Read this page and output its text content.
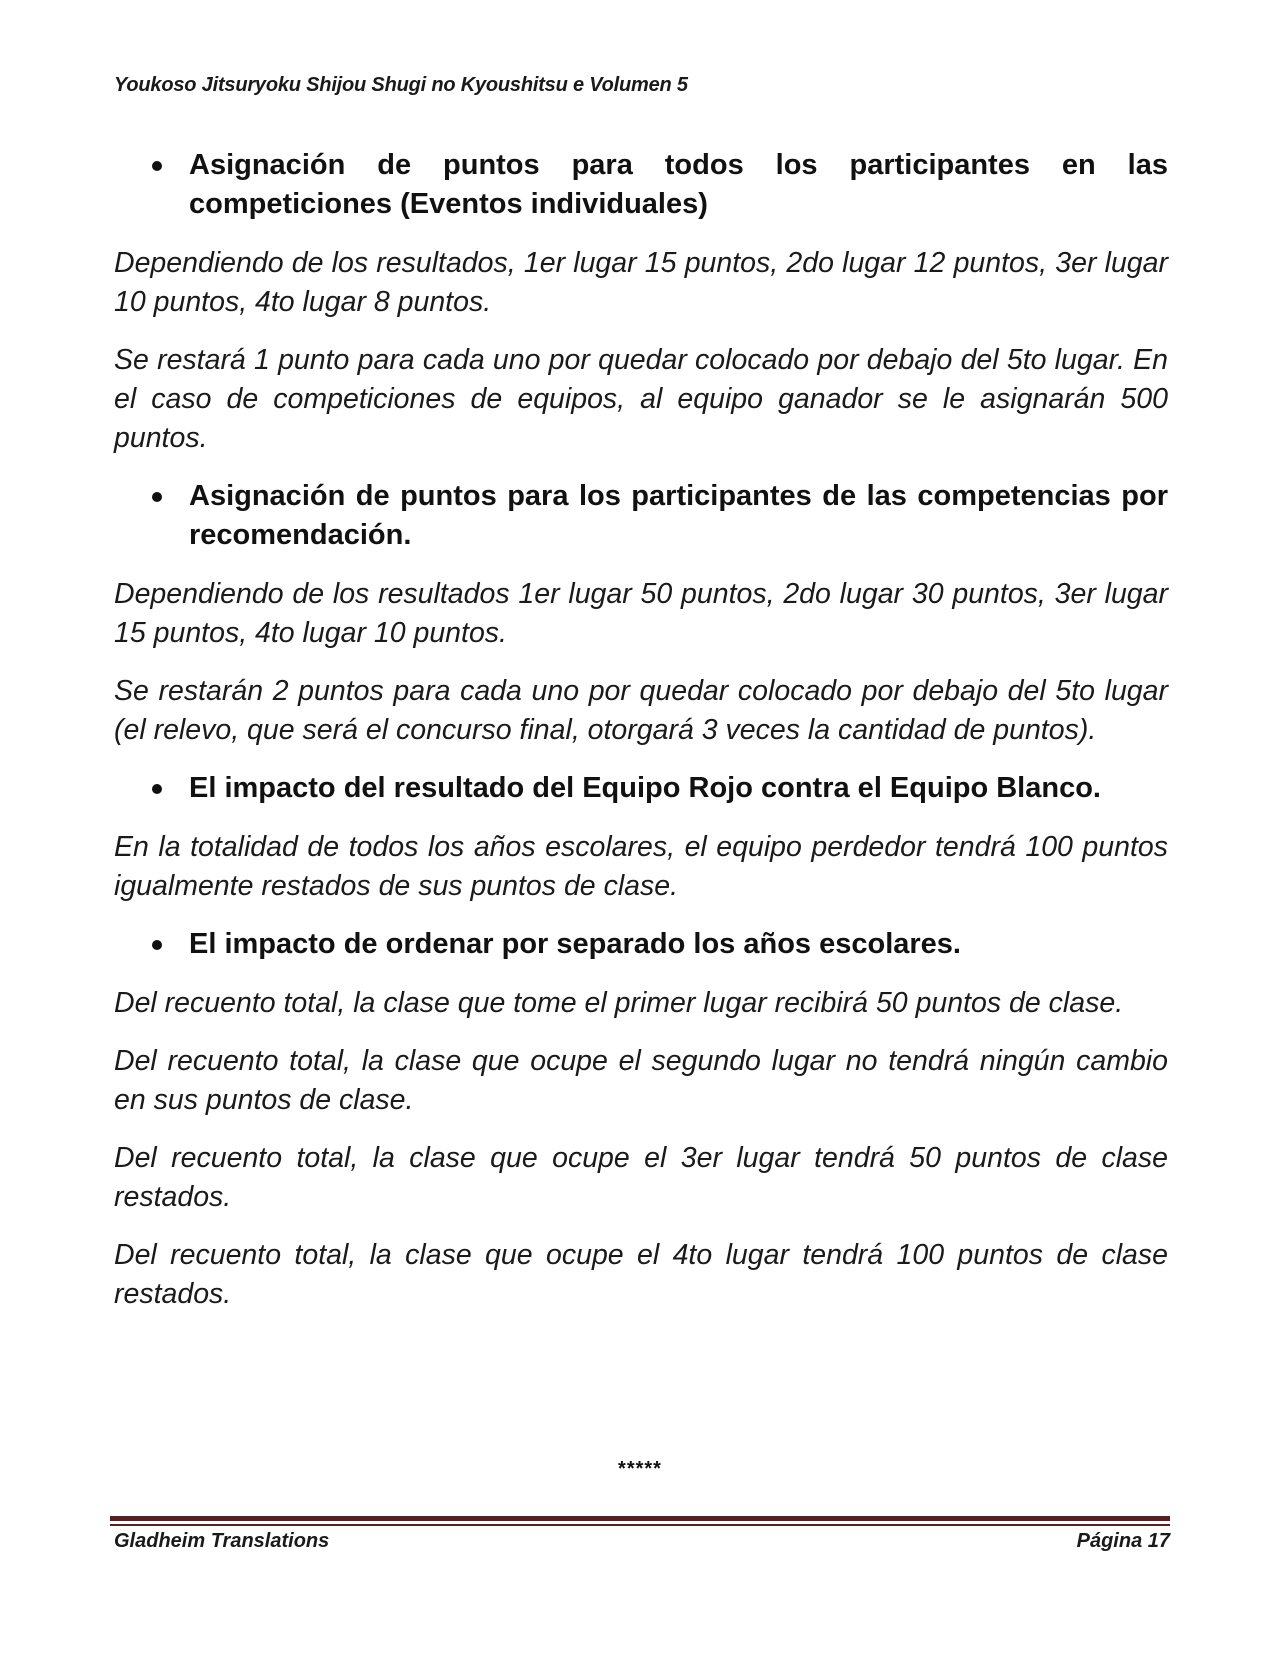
Youkoso Jitsuryoku Shijou Shugi no Kyoushitsu e Volumen 5
Asignación de puntos para todos los participantes en las competiciones (Eventos individuales)

Dependiendo de los resultados, 1er lugar 15 puntos, 2do lugar 12 puntos, 3er lugar 10 puntos, 4to lugar 8 puntos.

Se restará 1 punto para cada uno por quedar colocado por debajo del 5to lugar. En el caso de competiciones de equipos, al equipo ganador se le asignarán 500 puntos.

Asignación de puntos para los participantes de las competencias por recomendación.

Dependiendo de los resultados 1er lugar 50 puntos, 2do lugar 30 puntos, 3er lugar 15 puntos, 4to lugar 10 puntos.

Se restarán 2 puntos para cada uno por quedar colocado por debajo del 5to lugar (el relevo, que será el concurso final, otorgará 3 veces la cantidad de puntos).

El impacto del resultado del Equipo Rojo contra el Equipo Blanco.

En la totalidad de todos los años escolares, el equipo perdedor tendrá 100 puntos igualmente restados de sus puntos de clase.

El impacto de ordenar por separado los años escolares.

Del recuento total, la clase que tome el primer lugar recibirá 50 puntos de clase.

Del recuento total, la clase que ocupe el segundo lugar no tendrá ningún cambio en sus puntos de clase.

Del recuento total, la clase que ocupe el 3er lugar tendrá 50 puntos de clase restados.

Del recuento total, la clase que ocupe el 4to lugar tendrá 100 puntos de clase restados.

*****
Gladheim Translations	Página 17
